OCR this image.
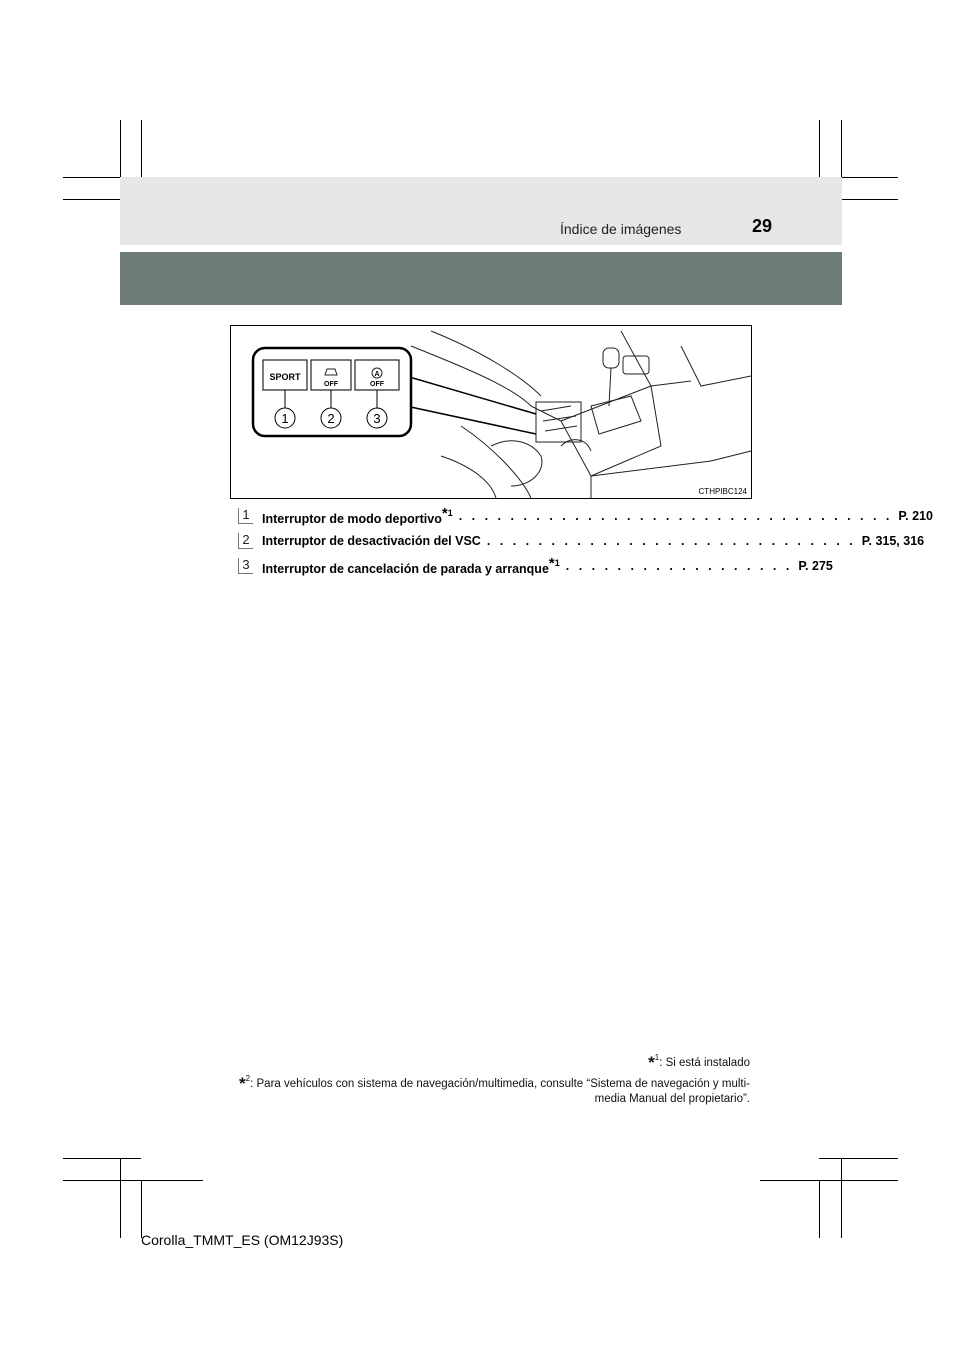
Índice de imágenes	29
SPORT
OFF
A
OFF
1	2	3
CTHPIBC124
1 Interruptor de modo deportivo$^{*1}$ . . . . . . . . . . . . . . . . . . . . . . . . . . . . . . . . . . P. 210
2 Interruptor de desactivación del VSC . . . . . . . . . . . . . . . . . . . . . . . . . . . . . P. 315, 316
3 Interruptor de cancelación de parada y arranque$^{*1}$ . . . . . . . . . . . . . . . . . . P. 275
*$^1$: Si está instalado
*$^2$: Para vehículos con sistema de navegación/multimedia, consulte “Sistema de navegación y multi-
media Manual del propietario”.
Corolla_TMMT_ES (OM12J93S)
